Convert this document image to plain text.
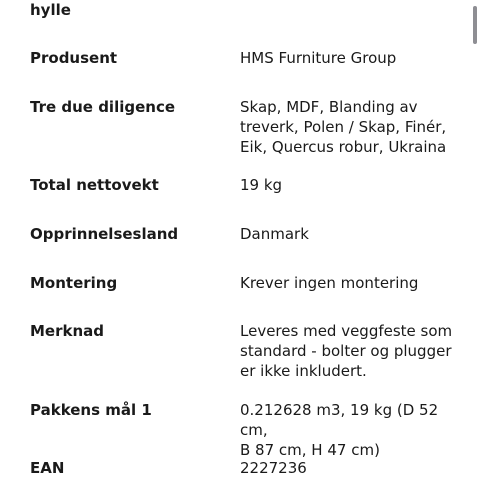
hylle
Produsent	HMS Furniture Group
Tre due diligence	Skap, MDF, Blanding av
treverk, Polen / Skap, Finér,
Eik, Quercus robur, Ukraina
Total nettovekt	19 kg
Opprinnelsesland	Danmark
Montering	Krever ingen montering
Merknad	Leveres med veggfeste som
standard - bolter og plugger
er ikke inkludert.
Pakkens mål 1	0.212628 m3, 19 kg (D 52 cm,
B 87 cm, H 47 cm)
EAN	2227236
